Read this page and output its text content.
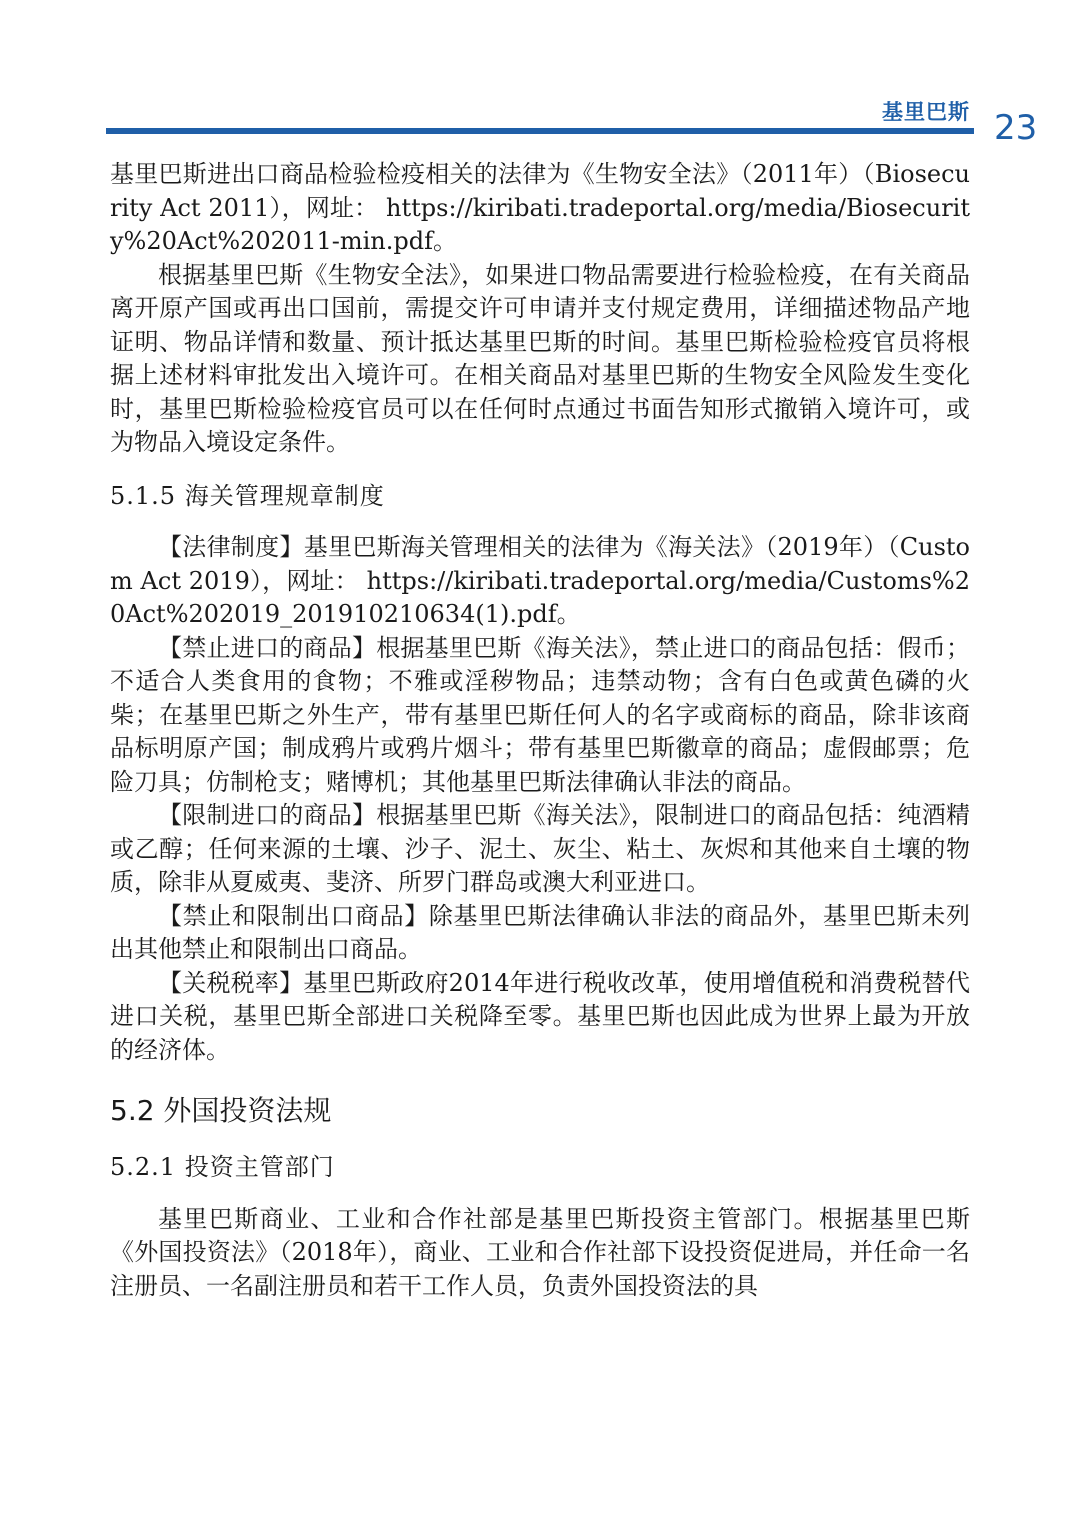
基里巴斯 23

基里巴斯进出口商品检验检疫相关的法律为《生物安全法》（2011年）（Biosecurity Act 2011），网址： https://kiribati.tradeportal.org/media/Biosecurity%20Act%202011-min.pdf。

根据基里巴斯《生物安全法》，如果进口物品需要进行检验检疫，在有关商品离开原产国或再出口国前，需提交许可申请并支付规定费用，详细描述物品产地证明、物品详情和数量、预计抵达基里巴斯的时间。基里巴斯检验检疫官员将根据上述材料审批发出入境许可。在相关商品对基里巴斯的生物安全风险发生变化时，基里巴斯检验检疫官员可以在任何时点通过书面告知形式撤销入境许可，或为物品入境设定条件。

5.1.5 海关管理规章制度

【法律制度】基里巴斯海关管理相关的法律为《海关法》（2019年）（Custom Act 2019），网址： https://kiribati.tradeportal.org/media/Customs%20Act%202019_201910210634(1).pdf。

【禁止进口的商品】根据基里巴斯《海关法》，禁止进口的商品包括：假币；不适合人类食用的食物；不雅或淫秽物品；违禁动物；含有白色或黄色磷的火柴；在基里巴斯之外生产，带有基里巴斯任何人的名字或商标的商品，除非该商品标明原产国；制成鸦片或鸦片烟斗；带有基里巴斯徽章的商品；虚假邮票；危险刀具；仿制枪支；赌博机；其他基里巴斯法律确认非法的商品。

【限制进口的商品】根据基里巴斯《海关法》，限制进口的商品包括：纯酒精或乙醇；任何来源的土壤、沙子、泥土、灰尘、粘土、灰烬和其他来自土壤的物质，除非从夏威夷、斐济、所罗门群岛或澳大利亚进口。

【禁止和限制出口商品】除基里巴斯法律确认非法的商品外，基里巴斯未列出其他禁止和限制出口商品。

【关税税率】基里巴斯政府2014年进行税收改革，使用增值税和消费税替代进口关税，基里巴斯全部进口关税降至零。基里巴斯也因此成为世界上最为开放的经济体。

5.2 外国投资法规

5.2.1 投资主管部门

基里巴斯商业、工业和合作社部是基里巴斯投资主管部门。根据基里巴斯《外国投资法》（2018年），商业、工业和合作社部下设投资促进局，并任命一名注册员、一名副注册员和若干工作人员，负责外国投资法的具
